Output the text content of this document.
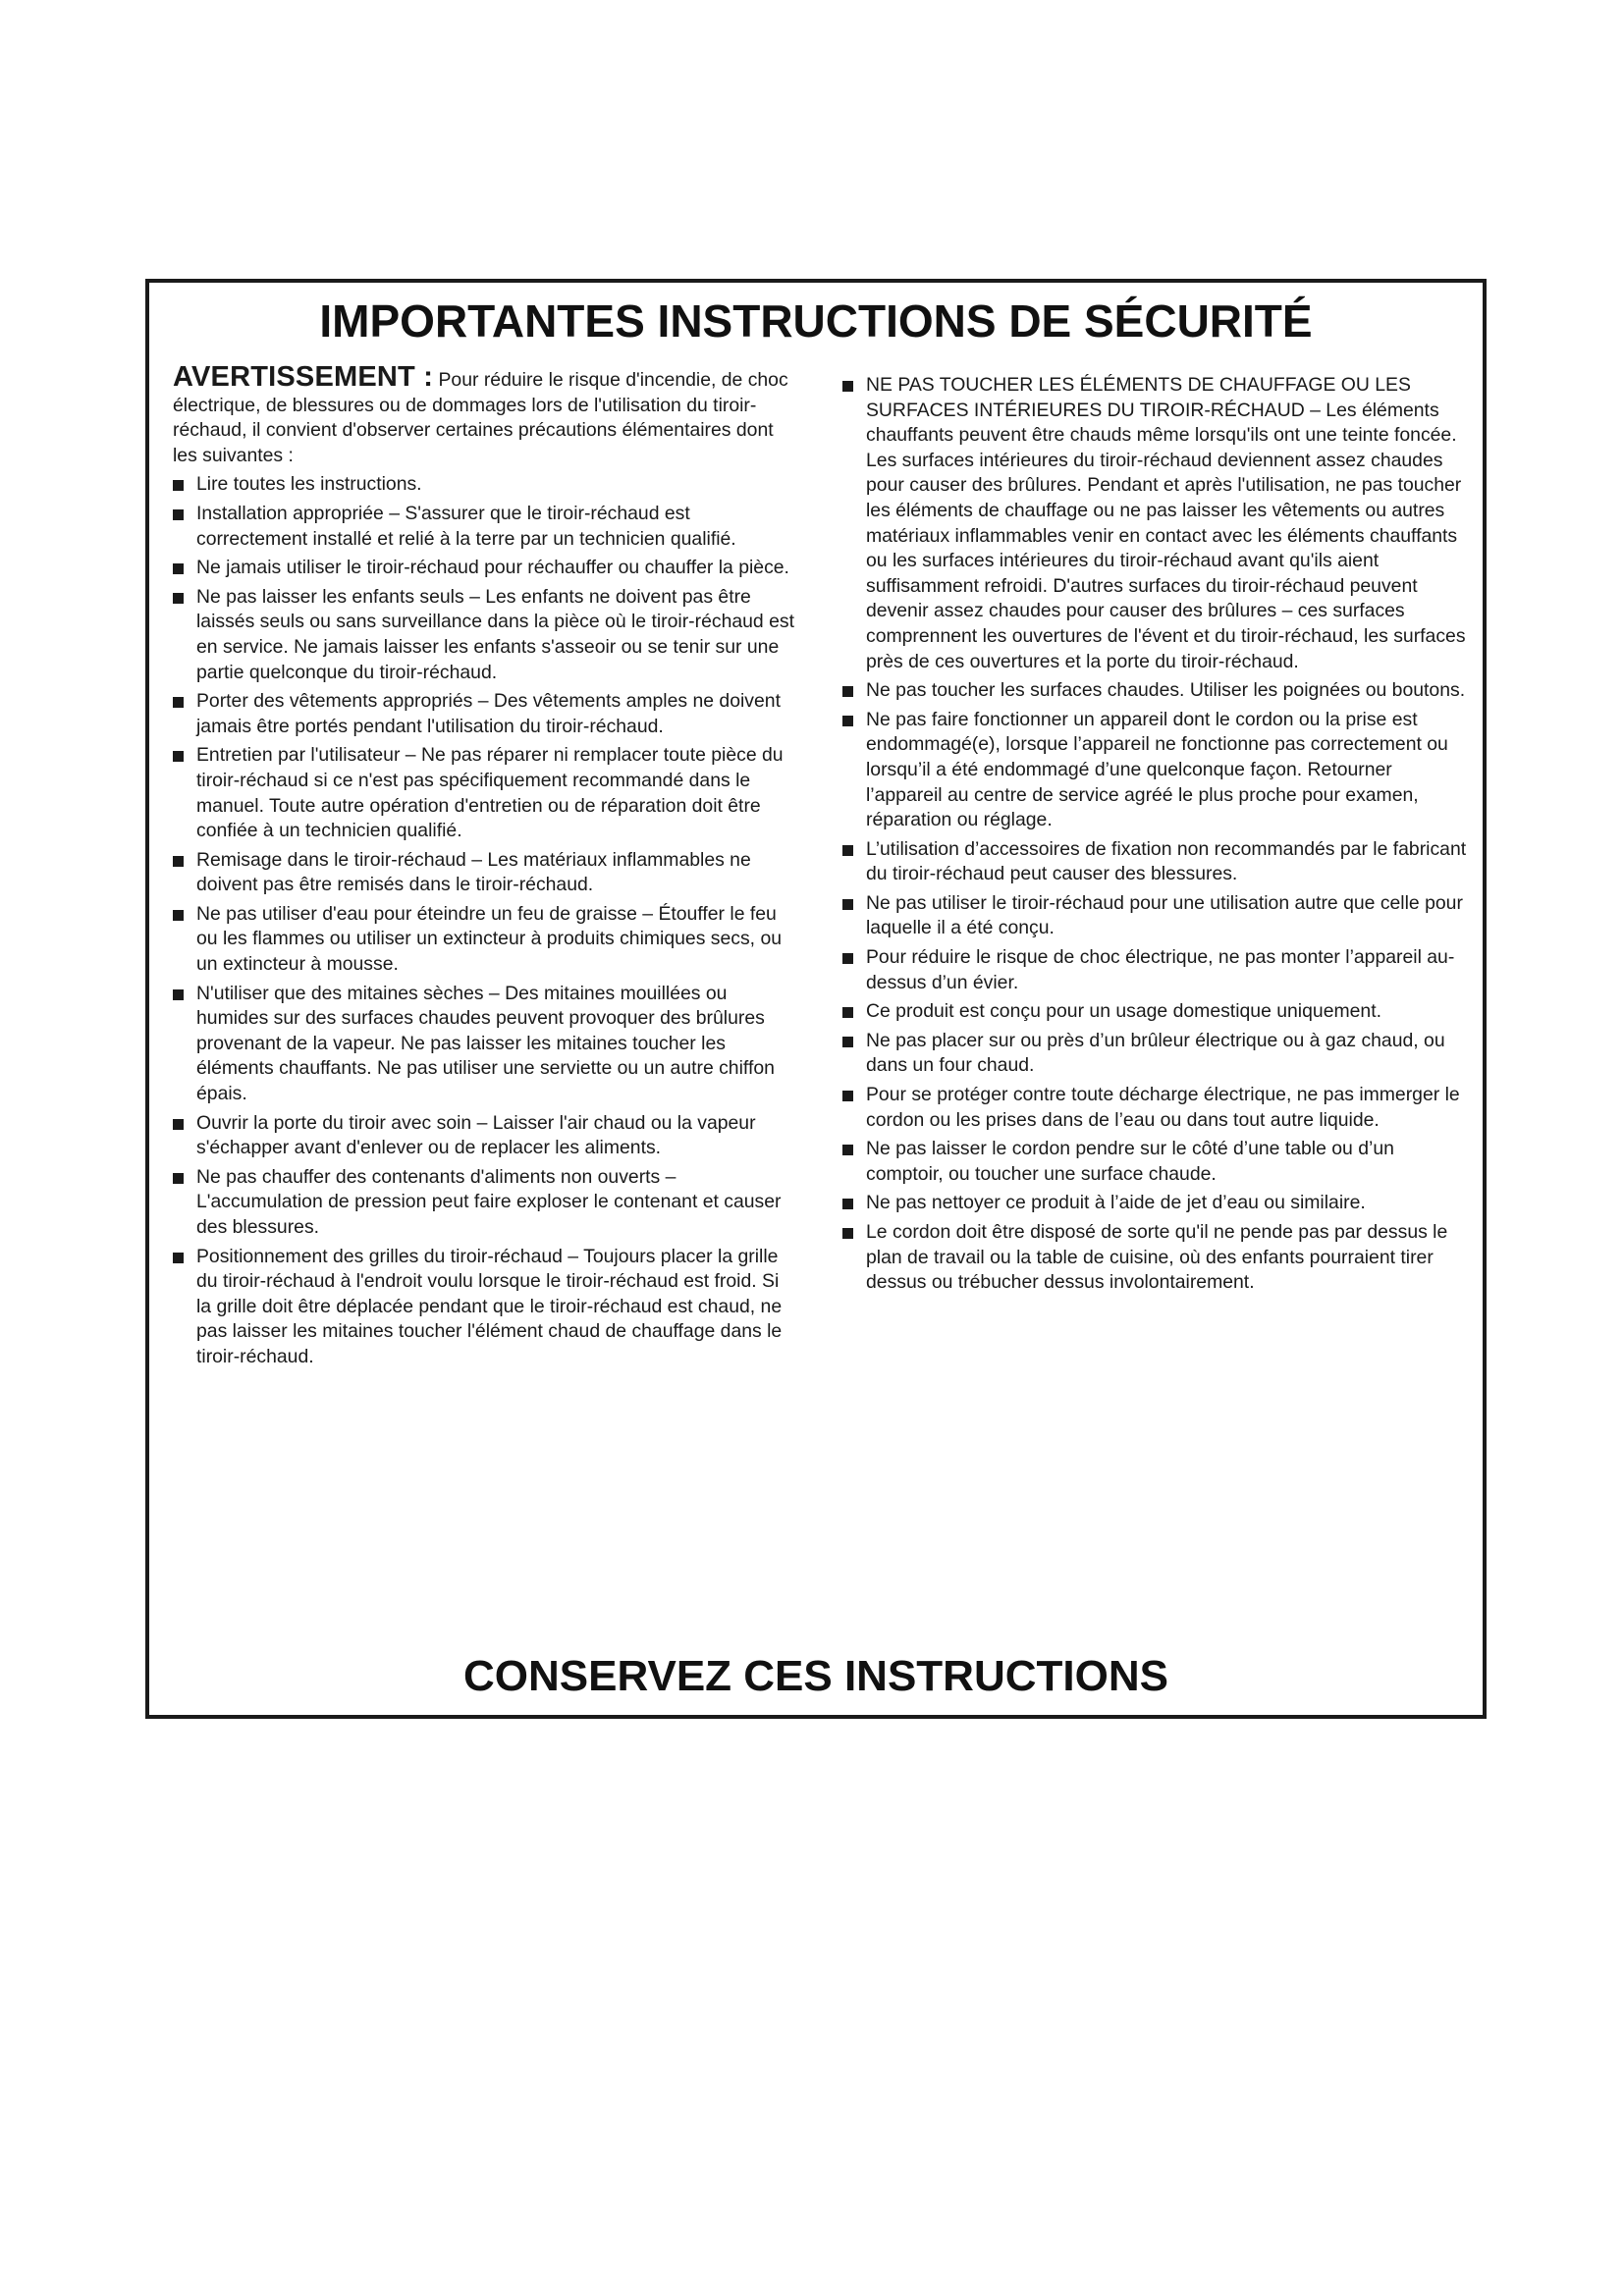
IMPORTANTES INSTRUCTIONS DE SÉCURITÉ

AVERTISSEMENT : Pour réduire le risque d'incendie, de choc électrique, de blessures ou de dommages lors de l'utilisation du tiroir-réchaud, il convient d'observer certaines précautions élémentaires dont les suivantes :

Lire toutes les instructions.
Installation appropriée – S'assurer que le tiroir-réchaud est correctement installé et relié à la terre par un technicien qualifié.
Ne jamais utiliser le tiroir-réchaud pour réchauffer ou chauffer la pièce.
Ne pas laisser les enfants seuls – Les enfants ne doivent pas être laissés seuls ou sans surveillance dans la pièce où le tiroir-réchaud est en service. Ne jamais laisser les enfants s'asseoir ou se tenir sur une partie quelconque du tiroir-réchaud.
Porter des vêtements appropriés – Des vêtements amples ne doivent jamais être portés pendant l'utilisation du tiroir-réchaud.
Entretien par l'utilisateur – Ne pas réparer ni remplacer toute pièce du tiroir-réchaud si ce n'est pas spécifiquement recommandé dans le manuel. Toute autre opération d'entretien ou de réparation doit être confiée à un technicien qualifié.
Remisage dans le tiroir-réchaud – Les matériaux inflammables ne doivent pas être remisés dans le tiroir-réchaud.
Ne pas utiliser d'eau pour éteindre un feu de graisse – Étouffer le feu ou les flammes ou utiliser un extincteur à produits chimiques secs, ou un extincteur à mousse.
N'utiliser que des mitaines sèches – Des mitaines mouillées ou humides sur des surfaces chaudes peuvent provoquer des brûlures provenant de la vapeur. Ne pas laisser les mitaines toucher les éléments chauffants. Ne pas utiliser une serviette ou un autre chiffon épais.
Ouvrir la porte du tiroir avec soin – Laisser l'air chaud ou la vapeur s'échapper avant d'enlever ou de replacer les aliments.
Ne pas chauffer des contenants d'aliments non ouverts – L'accumulation de pression peut faire exploser le contenant et causer des blessures.
Positionnement des grilles du tiroir-réchaud – Toujours placer la grille du tiroir-réchaud à l'endroit voulu lorsque le tiroir-réchaud est froid. Si la grille doit être déplacée pendant que le tiroir-réchaud est chaud, ne pas laisser les mitaines toucher l'élément chaud de chauffage dans le tiroir-réchaud.
NE PAS TOUCHER LES ÉLÉMENTS DE CHAUFFAGE OU LES SURFACES INTÉRIEURES DU TIROIR-RÉCHAUD – Les éléments chauffants peuvent être chauds même lorsqu'ils ont une teinte foncée. Les surfaces intérieures du tiroir-réchaud deviennent assez chaudes pour causer des brûlures. Pendant et après l'utilisation, ne pas toucher les éléments de chauffage ou ne pas laisser les vêtements ou autres matériaux inflammables venir en contact avec les éléments chauffants ou les surfaces intérieures du tiroir-réchaud avant qu'ils aient suffisamment refroidi. D'autres surfaces du tiroir-réchaud peuvent devenir assez chaudes pour causer des brûlures – ces surfaces comprennent les ouvertures de l'évent et du tiroir-réchaud, les surfaces près de ces ouvertures et la porte du tiroir-réchaud.
Ne pas toucher les surfaces chaudes. Utiliser les poignées ou boutons.
Ne pas faire fonctionner un appareil dont le cordon ou la prise est endommagé(e), lorsque l’appareil ne fonctionne pas correctement ou lorsqu’il a été endommagé d’une quelconque façon. Retourner l’appareil au centre de service agréé le plus proche pour examen, réparation ou réglage.
L’utilisation d’accessoires de fixation non recommandés par le fabricant du tiroir-réchaud peut causer des blessures.
Ne pas utiliser le tiroir-réchaud pour une utilisation autre que celle pour laquelle il a été conçu.
Pour réduire le risque de choc électrique, ne pas monter l’appareil au-dessus d’un évier.
Ce produit est conçu pour un usage domestique uniquement.
Ne pas placer sur ou près d’un brûleur électrique ou à gaz chaud, ou dans un four chaud.
Pour se protéger contre toute décharge électrique, ne pas immerger le cordon ou les prises dans de l’eau ou dans tout autre liquide.
Ne pas laisser le cordon pendre sur le côté d’une table ou d’un comptoir, ou toucher une surface chaude.
Ne pas nettoyer ce produit à l’aide de jet d’eau ou similaire.
Le cordon doit être disposé de sorte qu'il ne pende pas par dessus le plan de travail ou la table de cuisine, où des enfants pourraient tirer dessus ou trébucher dessus involontairement.
CONSERVEZ CES INSTRUCTIONS
